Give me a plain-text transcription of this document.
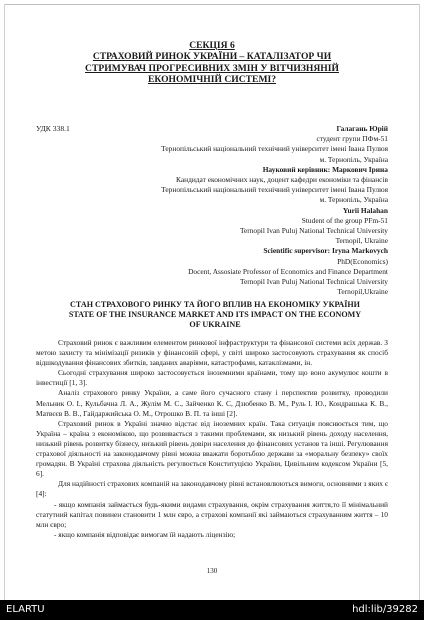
СЕКЦІЯ 6
СТРАХОВИЙ РИНОК УКРАЇНИ – КАТАЛІЗАТОР ЧИ
СТРИМУВАЧ ПРОГРЕСИВНИХ ЗМІН У ВІТЧИЗНЯНІЙ
ЕКОНОМІЧНІЙ СИСТЕМІ?
УДК 338.1	Галагань Юрій
студент групи ПФм-51
Тернопільський національний технічний університет імені Івана Пулюя
м. Тернопіль, Україна
Науковий керівник: Маркович Ірина
Кандидат економічних наук, доцент кафедри економіки та фінансів
Тернопільський національний технічний університет імені Івана Пулюя
м. Тернопіль, Україна
Yurii Halahan
Student of the group PFm-51
Ternopil Ivan Puluj National Technical University
Ternopil, Ukraine
Scientific supervisor: Iryna Markovych
PhD(Economics)
Docent, Assosiate Professor of Economics and Finance Department
Ternopil Ivan Puluj National Technical University
Ternopil,Ukraine
СТАН СТРАХОВОГО РИНКУ ТА ЙОГО ВПЛИВ НА ЕКОНОМІКУ УКРАЇНИ
STATE OF THE INSURANCE MARKET AND ITS IMPACT ON THE ECONOMY
OF UKRAINE

Страховий ринок є важливим елементом ринкової інфраструктури та фінансової системи всіх держав. З метою захисту та мінімізації ризиків у фінансовій сфері, у світі широко застосовують страхування як спосіб відшкодування фінансових збитків, завданих аваріями, катастрофами, катаклізмами, ін.

Сьогодні страхування широко застосовується іноземними країнами, тому що воно акумулює кошти в інвестиції [1, 3].

Аналіз страхового ринку України, а саме його сучасного стану і перспектив розвитку, проводили Мельник О. І., Кульбачна Л. А., Жулім М. С., Зайченко К. С, Дзюбенко В. М., Руль І. Ю., Кондрашька К. В., Матвєєв В. В., Гайдаржийська О. М., Отрошко В. П. та інші [2].

Страховий ринок в Україні значно відстає від іноземних країн. Така ситуація пояснюється тим, що Україна – країна з економікою, що розвивається з такими проблемами, як низький рівень доходу населення, низький рівень розвитку бізнесу, низький рівень довіри населення до фінансових установ та інші. Регулювання страхової діяльності на законодавчому рівні можна вважати боротьбою держави за «моральну безпеку» своїх громадян. В Україні страхова діяльність регулюється Конституцією України, Цивільним кодексом України [5, 6].

Для надійності страхових компаній на законодавчому рівні встановлюються вимоги, основними з яких є [4]:

- якщо компанія займається будь-якими видами страхування, окрім страхування життя,то її мінімальний статутний капітал повинен становити 1 млн євро, а страхові компанії які займаються страхуванням життя – 10 млн євро;

- якщо компанія відповідає вимогам їй надають ліцензію;

130
ELARTU	hdl:lib/39282
